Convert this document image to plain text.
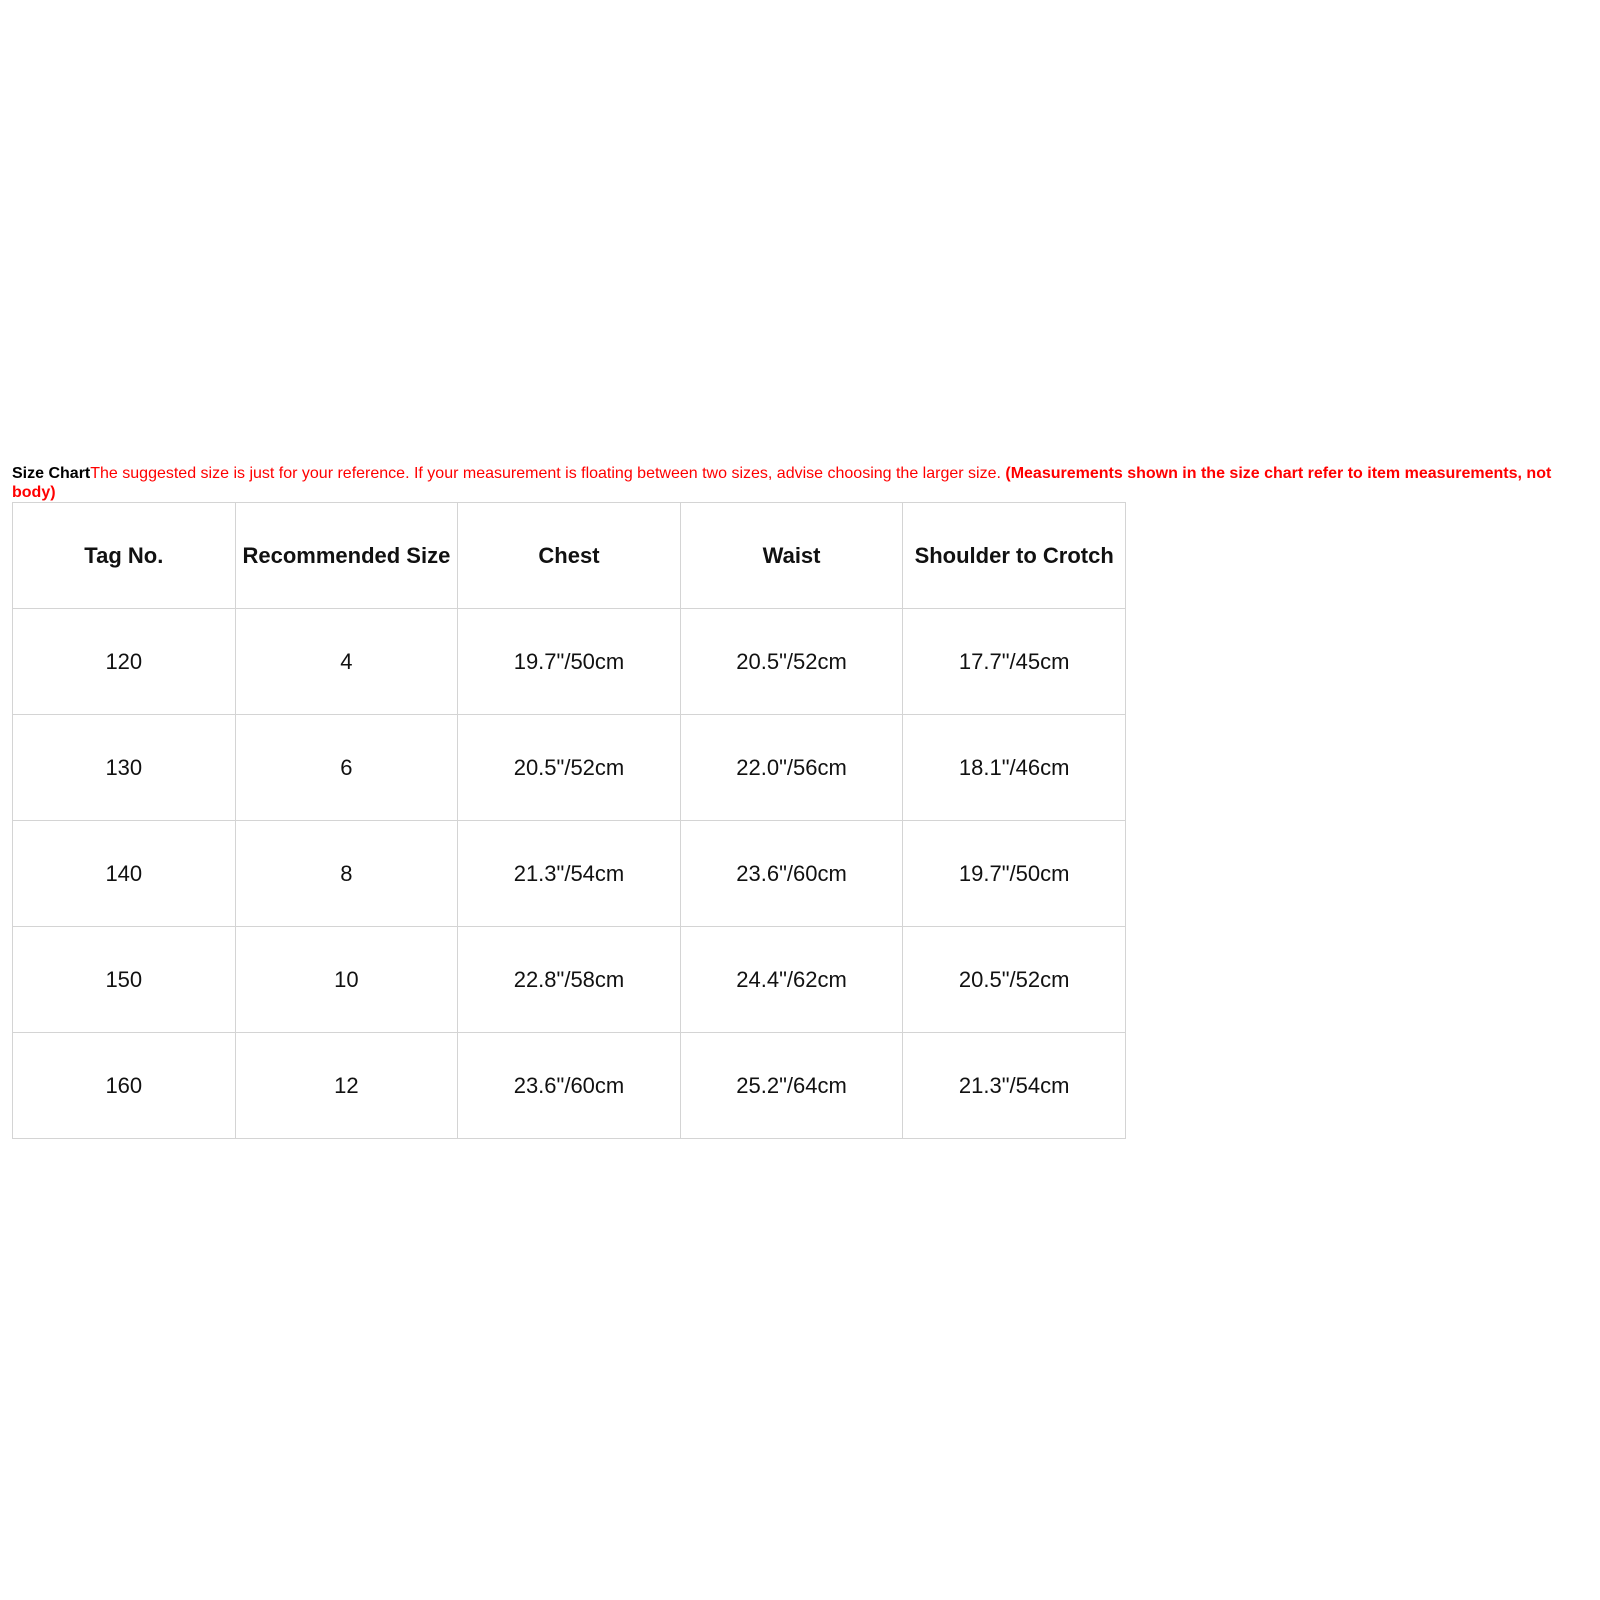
Size ChartThe suggested size is just for your reference. If your measurement is floating between two sizes, advise choosing the larger size. (Measurements shown in the size chart refer to item measurements, not body)
Tag No.	Recommended Size	Chest	Waist	Shoulder to Crotch
120	4	19.7"/50cm	20.5"/52cm	17.7"/45cm
130	6	20.5"/52cm	22.0"/56cm	18.1"/46cm
140	8	21.3"/54cm	23.6"/60cm	19.7"/50cm
150	10	22.8"/58cm	24.4"/62cm	20.5"/52cm
160	12	23.6"/60cm	25.2"/64cm	21.3"/54cm
